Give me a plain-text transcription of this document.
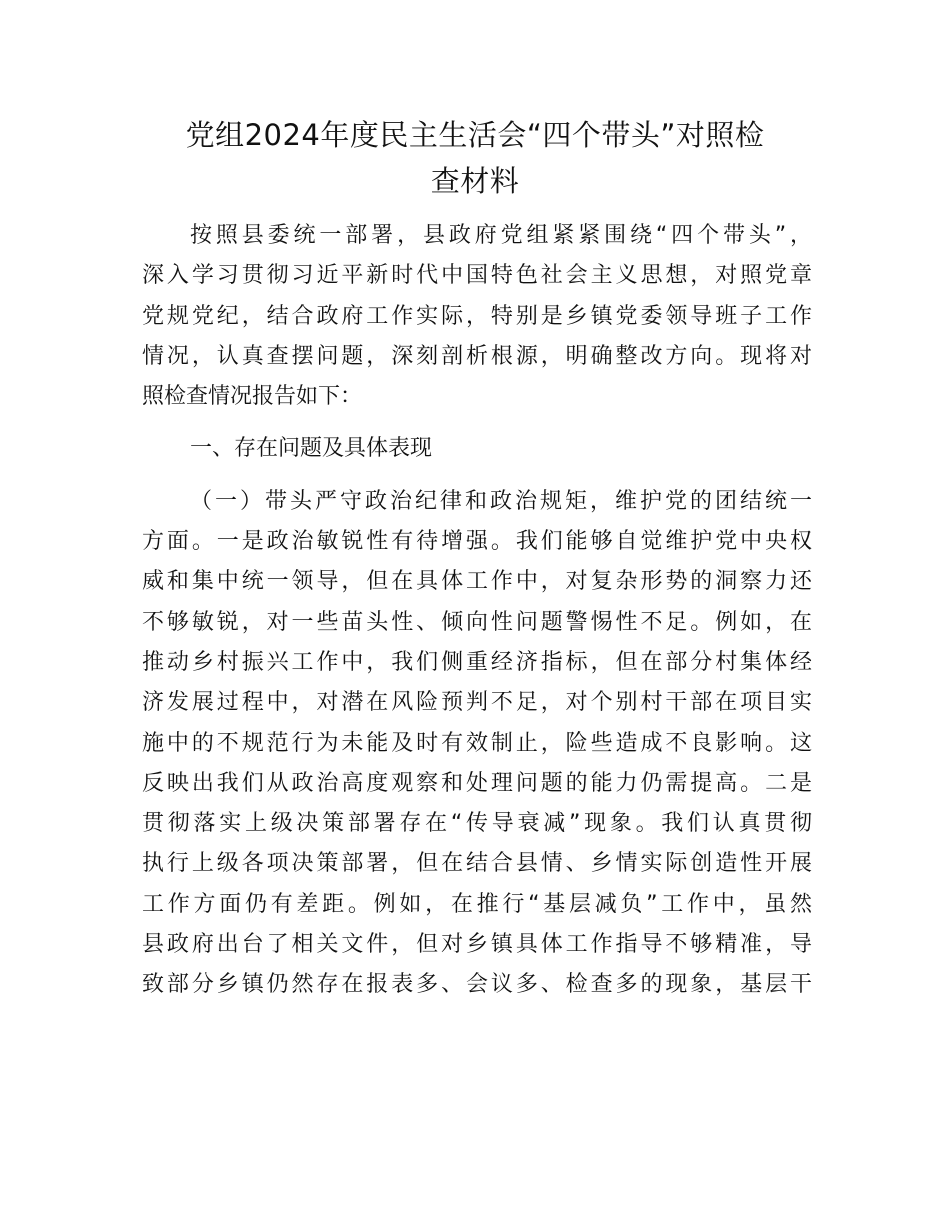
党组2024年度民主生活会“四个带头”对照检
查材料
按照县委统一部署，县政府党组紧紧围绕“四个带头”，
深入学习贯彻习近平新时代中国特色社会主义思想，对照党章
党规党纪，结合政府工作实际，特别是乡镇党委领导班子工作
情况，认真查摆问题，深刻剖析根源，明确整改方向。现将对
照检查情况报告如下：
一、存在问题及具体表现
（一）带头严守政治纪律和政治规矩，维护党的团结统一
方面。一是政治敏锐性有待增强。我们能够自觉维护党中央权
威和集中统一领导，但在具体工作中，对复杂形势的洞察力还
不够敏锐，对一些苗头性、倾向性问题警惕性不足。例如，在
推动乡村振兴工作中，我们侧重经济指标，但在部分村集体经
济发展过程中，对潜在风险预判不足，对个别村干部在项目实
施中的不规范行为未能及时有效制止，险些造成不良影响。这
反映出我们从政治高度观察和处理问题的能力仍需提高。二是
贯彻落实上级决策部署存在“传导衰减”现象。我们认真贯彻
执行上级各项决策部署，但在结合县情、乡情实际创造性开展
工作方面仍有差距。例如，在推行“基层减负”工作中，虽然
县政府出台了相关文件，但对乡镇具体工作指导不够精准，导
致部分乡镇仍然存在报表多、会议多、检查多的现象，基层干
